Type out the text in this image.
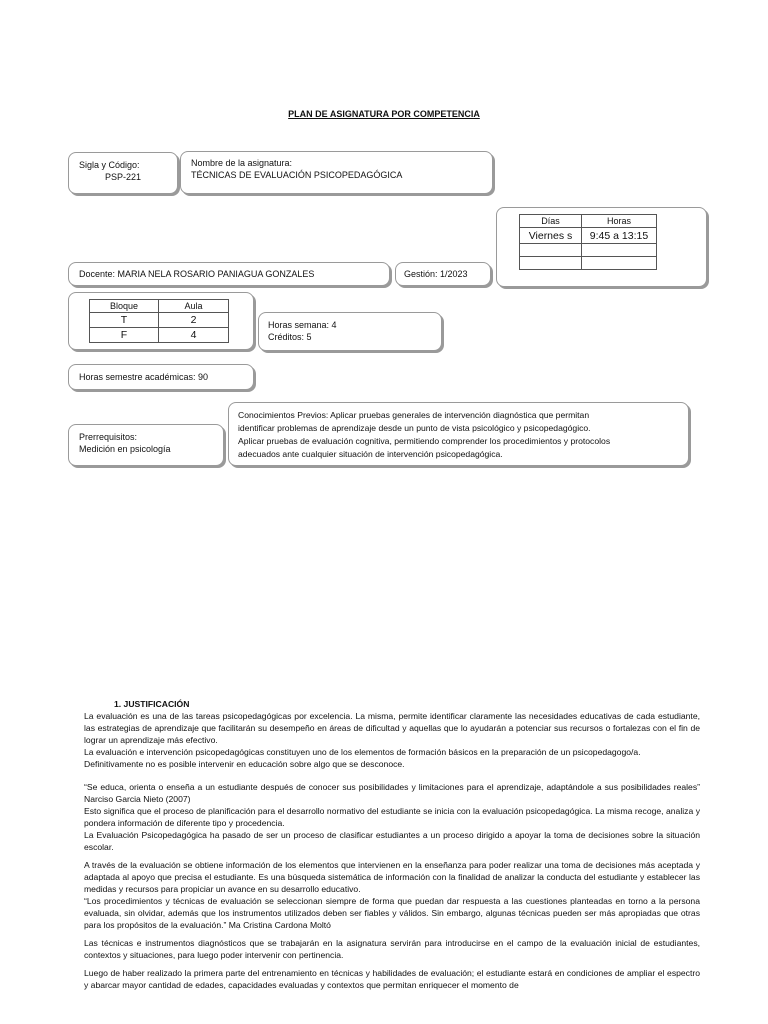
PLAN DE ASIGNATURA POR COMPETENCIA
Sigla y Código:
PSP-221
Nombre de la asignatura:
TÉCNICAS DE EVALUACIÓN PSICOPEDAGÓGICA
Días	Horas
Viernes s	9:45 a 13:15

Docente: MARIA NELA ROSARIO PANIAGUA GONZALES	Gestión: 1/2023
Bloque	Aula
T	2
F	4
Horas semana: 4
Créditos: 5
Horas semestre académicas: 90
Prerrequisitos:
Medición en psicología
Conocimientos Previos: Aplicar pruebas generales de intervención diagnóstica que permitan
identificar problemas de aprendizaje desde un punto de vista psicológico y psicopedagógico.
Aplicar pruebas de evaluación cognitiva, permitiendo comprender los procedimientos y protocolos
adecuados ante cualquier situación de intervención psicopedagógica.

1. JUSTIFICACIÓN

La evaluación es una de las tareas psicopedagógicas por excelencia. La misma, permite identificar claramente las necesidades educativas de cada estudiante, las estrategias de aprendizaje que facilitarán su desempeño en áreas de dificultad y aquellas que lo ayudarán a potenciar sus recursos o fortalezas con el fin de lograr un aprendizaje más efectivo.

La evaluación e intervención psicopedagógicas constituyen uno de los elementos de formación básicos en la preparación de un psicopedagogo/a.

Definitivamente no es posible intervenir en educación sobre algo que se desconoce.

“Se educa, orienta o enseña a un estudiante después de conocer sus posibilidades y limitaciones para el aprendizaje, adaptándole a sus posibilidades reales” Narciso Garcia Nieto (2007)

Esto significa que el proceso de planificación para el desarrollo normativo del estudiante se inicia con la evaluación psicopedagógica. La misma recoge, analiza y pondera información de diferente tipo y procedencia.

La Evaluación Psicopedagógica ha pasado de ser un proceso de clasificar estudiantes a un proceso dirigido a apoyar la toma de decisiones sobre la situación escolar.

A través de la evaluación se obtiene información de los elementos que intervienen en la enseñanza para poder realizar una toma de decisiones más aceptada y adaptada al apoyo que precisa el estudiante. Es una búsqueda sistemática de información con la finalidad de analizar la conducta del estudiante y establecer las medidas y recursos para propiciar un avance en su desarrollo educativo.

“Los procedimientos y técnicas de evaluación se seleccionan siempre de forma que puedan dar respuesta a las cuestiones planteadas en torno a la persona evaluada, sin olvidar, además que los instrumentos utilizados deben ser fiables y válidos. Sin embargo, algunas técnicas pueden ser más apropiadas que otras para los propósitos de la evaluación.” Ma Cristina Cardona Moltó

Las técnicas e instrumentos diagnósticos que se trabajarán en la asignatura servirán para introducirse en el campo de la evaluación inicial de estudiantes, contextos y situaciones, para luego poder intervenir con pertinencia.

Luego de haber realizado la primera parte del entrenamiento en técnicas y habilidades de evaluación; el estudiante estará en condiciones de ampliar el espectro y abarcar mayor cantidad de edades, capacidades evaluadas y contextos que permitan enriquecer el momento de
